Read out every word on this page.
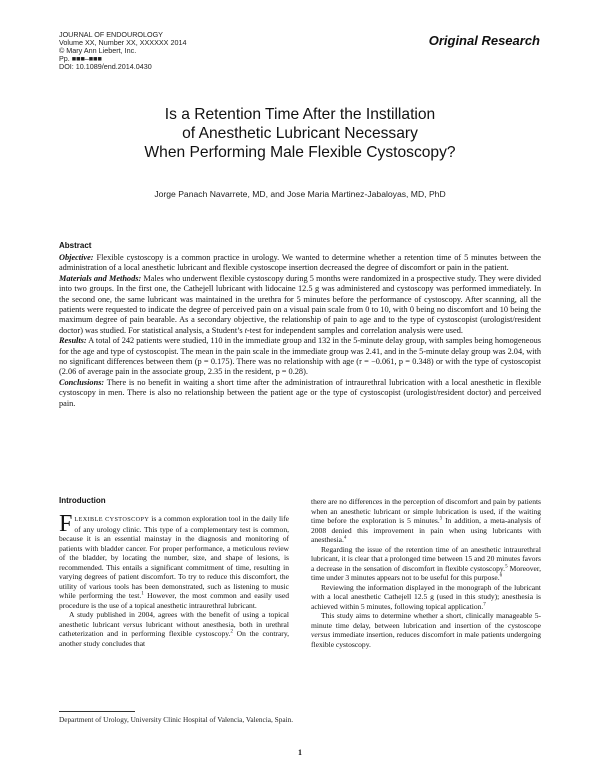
JOURNAL OF ENDOUROLOGY
Volume XX, Number XX, XXXXXX 2014
© Mary Ann Liebert, Inc.
Pp. ■■■–■■■
DOI: 10.1089/end.2014.0430
Original Research
Is a Retention Time After the Instillation
of Anesthetic Lubricant Necessary
When Performing Male Flexible Cystoscopy?
Jorge Panach Navarrete, MD, and Jose Maria Martinez-Jabaloyas, MD, PhD
Abstract

Objective: Flexible cystoscopy is a common practice in urology. We wanted to determine whether a retention time of 5 minutes between the administration of a local anesthetic lubricant and flexible cystoscope insertion decreased the degree of discomfort or pain in the patient.

Materials and Methods: Males who underwent flexible cystoscopy during 5 months were randomized in a prospective study. They were divided into two groups. In the first one, the Cathejell lubricant with lidocaine 12.5 g was administered and cystoscopy was performed immediately. In the second one, the same lubricant was maintained in the urethra for 5 minutes before the performance of cystoscopy. After scanning, all the patients were requested to indicate the degree of perceived pain on a visual pain scale from 0 to 10, with 0 being no discomfort and 10 being the maximum degree of pain bearable. As a secondary objective, the relationship of pain to age and to the type of cystoscopist (urologist/resident doctor) was studied. For statistical analysis, a Student’s t-test for independent samples and correlation analysis were used.

Results: A total of 242 patients were studied, 110 in the immediate group and 132 in the 5-minute delay group, with samples being homogeneous for the age and type of cystoscopist. The mean in the pain scale in the immediate group was 2.41, and in the 5-minute delay group was 2.04, with no significant differences between them (p = 0.175). There was no relationship with age (r = −0.061, p = 0.348) or with the type of cystoscopist (2.06 of average pain in the associate group, 2.35 in the resident, p = 0.28).

Conclusions: There is no benefit in waiting a short time after the administration of intraurethral lubrication with a local anesthetic in flexible cystoscopy in men. There is also no relationship between the patient age or the type of cystoscopist (urologist/resident doctor) and perceived pain.

Introduction

FLEXIBLE CYSTOSCOPY is a common exploration tool in the daily life of any urology clinic. This type of a complementary test is common, because it is an essential mainstay in the diagnosis and monitoring of patients with bladder cancer. For proper performance, a meticulous review of the bladder, by locating the number, size, and shape of lesions, is recommended. This entails a significant commitment of time, resulting in varying degrees of patient discomfort. To try to reduce this discomfort, the utility of various tools has been demonstrated, such as listening to music while performing the test.$^1$ However, the most common and easily used procedure is the use of a topical anesthetic intraurethral lubricant.

A study published in 2004, agrees with the benefit of using a topical anesthetic lubricant versus lubricant without anesthesia, both in urethral catheterization and in performing flexible cystoscopy.$^2$ On the contrary, another study concludes that

there are no differences in the perception of discomfort and pain by patients when an anesthetic lubricant or simple lubrication is used, if the waiting time before the exploration is 5 minutes.$^3$ In addition, a meta-analysis of 2008 denied this improvement in pain when using lubricants with anesthesia.$^4$

Regarding the issue of the retention time of an anesthetic intraurethral lubricant, it is clear that a prolonged time between 15 and 20 minutes favors a decrease in the sensation of discomfort in flexible cystoscopy.$^5$ Moreover, time under 3 minutes appears not to be useful for this purpose.$^6$

Reviewing the information displayed in the monograph of the lubricant with a local anesthetic Cathejell 12.5 g (used in this study); anesthesia is achieved within 5 minutes, following topical application.$^7$

This study aims to determine whether a short, clinically manageable 5-minute time delay, between lubrication and insertion of the cystoscope versus immediate insertion, reduces discomfort in male patients undergoing flexible cystoscopy.

Department of Urology, University Clinic Hospital of Valencia, Valencia, Spain.
1
